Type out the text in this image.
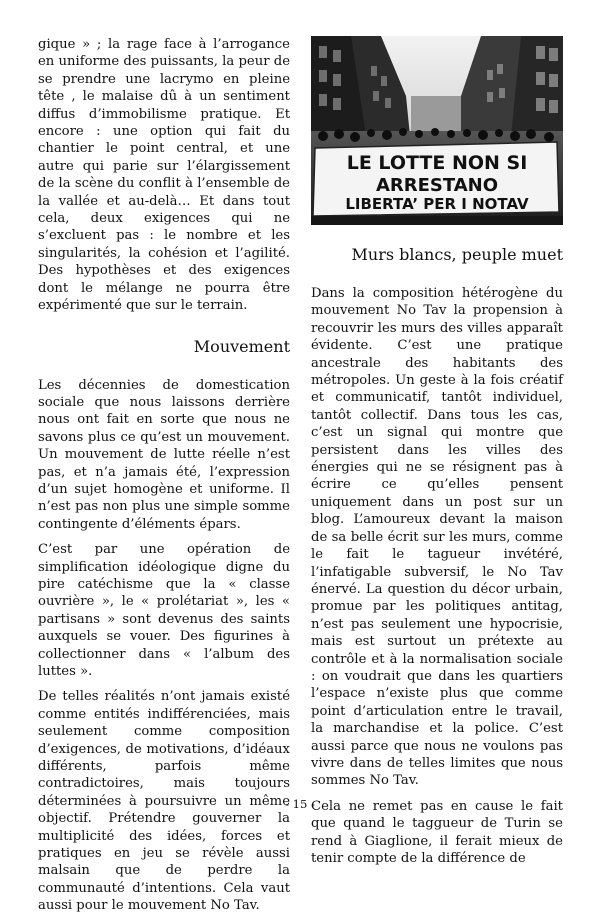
gique » ; la rage face à l’arrogance en uniforme des puissants, la peur de se prendre une lacrymo en pleine tête , le malaise dû à un sentiment diffus d’immobilisme pratique. Et encore : une option qui fait du chantier le point central, et une autre qui parie sur l’élargissement de la scène du conflit à l’ensemble de la vallée et au-delà… Et dans tout cela, deux exigences qui ne s’excluent pas : le nombre et les singularités, la cohésion et l’agilité. Des hypothèses et des exigences dont le mélange ne pourra être expérimenté que sur le terrain.

Mouvement

Les décennies de domestication sociale que nous laissons derrière nous ont fait en sorte que nous ne savons plus ce qu’est un mouvement. Un mouvement de lutte réelle n’est pas, et n’a jamais été, l’expression d’un sujet homogène et uniforme. Il n’est pas non plus une simple somme contingente d’éléments épars.

C’est par une opération de simplification idéologique digne du pire catéchisme que la « classe ouvrière », le « prolétariat », les « partisans » sont devenus des saints auxquels se vouer. Des figurines à collectionner dans « l’album des luttes ».

De telles réalités n’ont jamais existé comme entités indifférenciées, mais seulement comme composition d’exigences, de motivations, d’idéaux différents, parfois même contradictoires, mais toujours déterminées à poursuivre un même objectif. Prétendre gouverner la multiplicité des idées, forces et pratiques en jeu se révèle aussi malsain que de perdre la communauté d’intentions. Cela vaut aussi pour le mouvement No Tav.

LE LOTTE NON SI
ARRESTANO
LIBERTA’ PER I NOTAV
Murs blancs, peuple muet

Dans la composition hétérogène du mouvement No Tav la propension à recouvrir les murs des villes apparaît évidente. C’est une pratique ancestrale des habitants des métropoles. Un geste à la fois créatif et communicatif, tantôt individuel, tantôt collectif. Dans tous les cas, c’est un signal qui montre que persistent dans les villes des énergies qui ne se résignent pas à écrire ce qu’elles pensent uniquement dans un post sur un blog. L’amoureux devant la maison de sa belle écrit sur les murs, comme le fait le tagueur invétéré, l’infatigable subversif, le No Tav énervé. La question du décor urbain, promue par les politiques antitag, n’est pas seulement une hypocrisie, mais est surtout un prétexte au contrôle et à la normalisation sociale : on voudrait que dans les quartiers l’espace n’existe plus que comme point d’articulation entre le travail, la marchandise et la police. C’est aussi parce que nous ne voulons pas vivre dans de telles limites que nous sommes No Tav.

Cela ne remet pas en cause le fait que quand le taggueur de Turin se rend à Giaglione, il ferait mieux de tenir compte de la différence de

- 15 -
